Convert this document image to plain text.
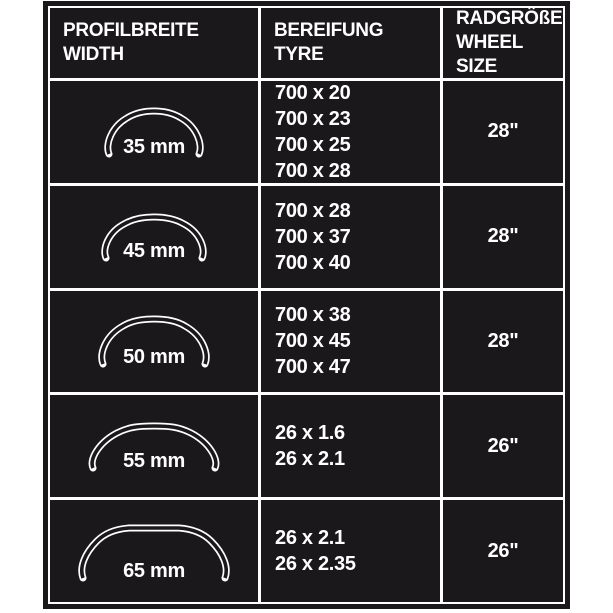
PROFILBREITE
WIDTH
BEREIFUNG
TYRE
RADGRÖßE
WHEEL SIZE
35 mm
700 x 20
700 x 23
700 x 25
700 x 28
28"
45 mm
700 x 28
700 x 37
700 x 40
28"
50 mm
700 x 38
700 x 45
700 x 47
28"
55 mm
26 x 1.6
26 x 2.1
26"
65 mm
26 x 2.1
26 x 2.35
26"
